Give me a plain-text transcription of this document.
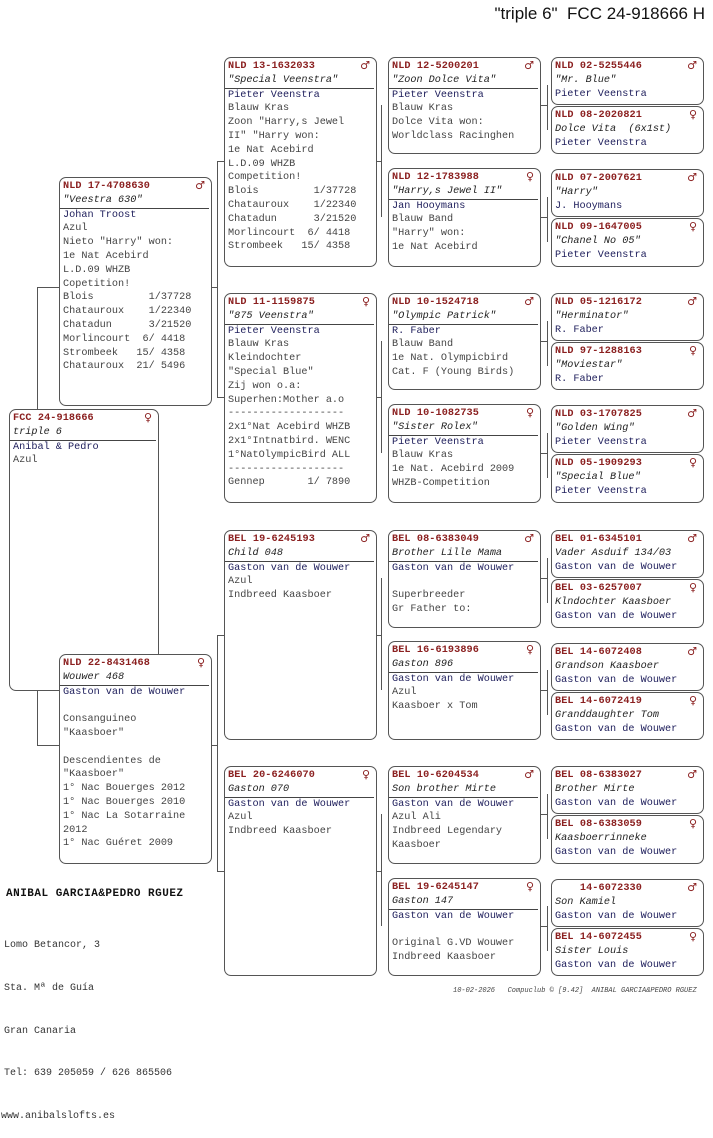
"triple 6"  FCC 24-918666 H
FCC 24-918666	♀
triple 6
Anibal & Pedro
Azul
NLD 17-4708630	♂
"Veestra 630"
Johan Troost
Azul
Nieto "Harry" won:
1e Nat Acebird
L.D.09 WHZB
Copetition!
Blois         1/37728
Chatauroux    1/22340
Chatadun      3/21520
Morlincourt  6/ 4418
Strombeek   15/ 4358
Chatauroux  21/ 5496
NLD 22-8431468	♀
Wouwer 468
Gaston van de Wouwer

Consanguineo
"Kaasboer"

Descendientes de
"Kaasboer"
1° Nac Bouerges 2012
1° Nac Bouerges 2010
1° Nac La Sotarraine
2012
1° Nac Guéret 2009
NLD 13-1632033	♂
"Special Veenstra"
Pieter Veenstra
Blauw Kras
Zoon "Harry,s Jewel
II" "Harry won:
1e Nat Acebird
L.D.09 WHZB
Competition!
Blois         1/37728
Chatauroux    1/22340
Chatadun      3/21520
Morlincourt  6/ 4418
Strombeek   15/ 4358
NLD 11-1159875	♀
"875 Veenstra"
Pieter Veenstra
Blauw Kras
Kleindochter
"Special Blue"
Zij won o.a:
Superhen:Mother a.o
-------------------
2x1°Nat Acebird WHZB
2x1°Intnatbird. WENC
1°NatOlympicBird ALL
-------------------
Gennep       1/ 7890
BEL 19-6245193	♂
Child 048
Gaston van de Wouwer
Azul
Indbreed Kaasboer
BEL 20-6246070	♀
Gaston 070
Gaston van de Wouwer
Azul
Indbreed Kaasboer
NLD 12-5200201	♂
"Zoon Dolce Vita"
Pieter Veenstra
Blauw Kras
Dolce Vita won:
Worldclass Racinghen
NLD 12-1783988	♀
"Harry,s Jewel II"
Jan Hooymans
Blauw Band
"Harry" won:
1e Nat Acebird
NLD 10-1524718	♂
"Olympic Patrick"
R. Faber
Blauw Band
1e Nat. Olympicbird
Cat. F (Young Birds)
NLD 10-1082735	♀
"Sister Rolex"
Pieter Veenstra
Blauw Kras
1e Nat. Acebird 2009
WHZB-Competition
BEL 08-6383049	♂
Brother Lille Mama
Gaston van de Wouwer

Superbreeder
Gr Father to:
BEL 16-6193896	♀
Gaston 896
Gaston van de Wouwer
Azul
Kaasboer x Tom
BEL 10-6204534	♂
Son brother Mirte
Gaston van de Wouwer
Azul Ali
Indbreed Legendary
Kaasboer
BEL 19-6245147	♀
Gaston 147
Gaston van de Wouwer

Original G.VD Wouwer
Indbreed Kaasboer
NLD 02-5255446	♂
"Mr. Blue"
Pieter Veenstra
NLD 08-2020821	♀
Dolce Vita  (6x1st)
Pieter Veenstra
NLD 07-2007621	♂
"Harry"
J. Hooymans
NLD 09-1647005	♀
"Chanel No 05"
Pieter Veenstra
NLD 05-1216172	♂
"Herminator"
R. Faber
NLD 97-1288163	♀
"Moviestar"
R. Faber
NLD 03-1707825	♂
"Golden Wing"
Pieter Veenstra
NLD 05-1909293	♀
"Special Blue"
Pieter Veenstra
BEL 01-6345101	♂
Vader Asduif 134/03
Gaston van de Wouwer
BEL 03-6257007	♀
Klndochter Kaasboer
Gaston van de Wouwer
BEL 14-6072408	♂
Grandson Kaasboer
Gaston van de Wouwer
BEL 14-6072419	♀
Granddaughter Tom
Gaston van de Wouwer
BEL 08-6383027	♂
Brother Mirte
Gaston van de Wouwer
BEL 08-6383059	♀
Kaasboerrinneke
Gaston van de Wouwer
14-6072330	♂
Son Kamiel
Gaston van de Wouwer
BEL 14-6072455	♀
Sister Louis
Gaston van de Wouwer
ANIBAL GARCIA&PEDRO RGUEZ

Lomo Betancor, 3

Sta. Mª de Guía

Gran Canaria

Tel: 639 205059 / 626 865506

www.anibalslofts.es

10-02-2026   Compuclub © [9.42]  ANIBAL GARCIA&PEDRO RGUEZ
